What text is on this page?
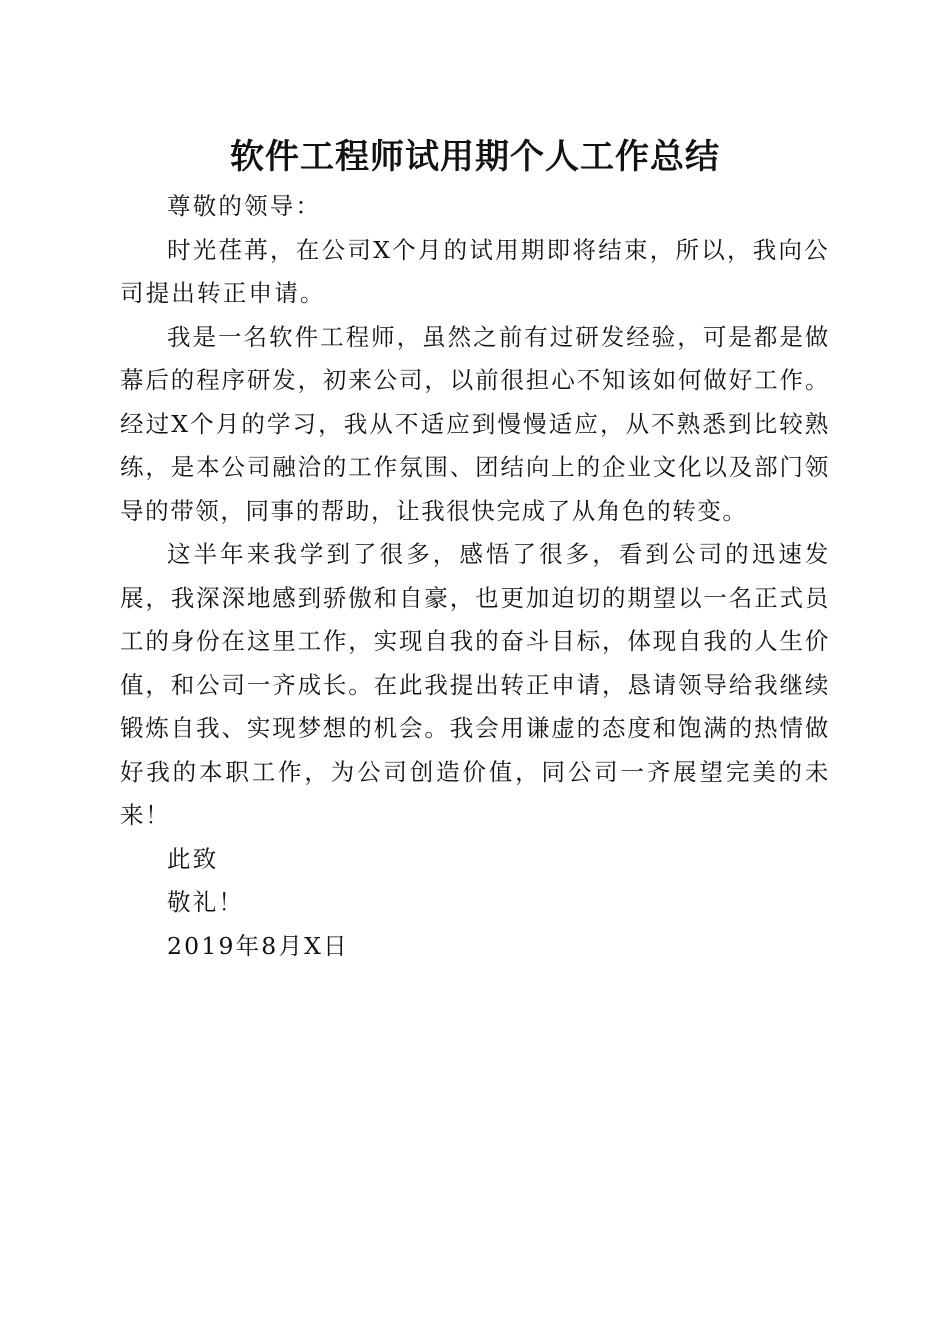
软件工程师试用期个人工作总结

尊敬的领导：

时光荏苒，在公司X个月的试用期即将结束，所以，我向公司提出转正申请。

我是一名软件工程师，虽然之前有过研发经验，可是都是做幕后的程序研发，初来公司，以前很担心不知该如何做好工作。经过X个月的学习，我从不适应到慢慢适应，从不熟悉到比较熟练，是本公司融洽的工作氛围、团结向上的企业文化以及部门领导的带领，同事的帮助，让我很快完成了从角色的转变。

这半年来我学到了很多，感悟了很多，看到公司的迅速发展，我深深地感到骄傲和自豪，也更加迫切的期望以一名正式员工的身份在这里工作，实现自我的奋斗目标，体现自我的人生价值，和公司一齐成长。在此我提出转正申请，恳请领导给我继续锻炼自我、实现梦想的机会。我会用谦虚的态度和饱满的热情做好我的本职工作，为公司创造价值，同公司一齐展望完美的未来！

此致

敬礼！

2019年8月X日
